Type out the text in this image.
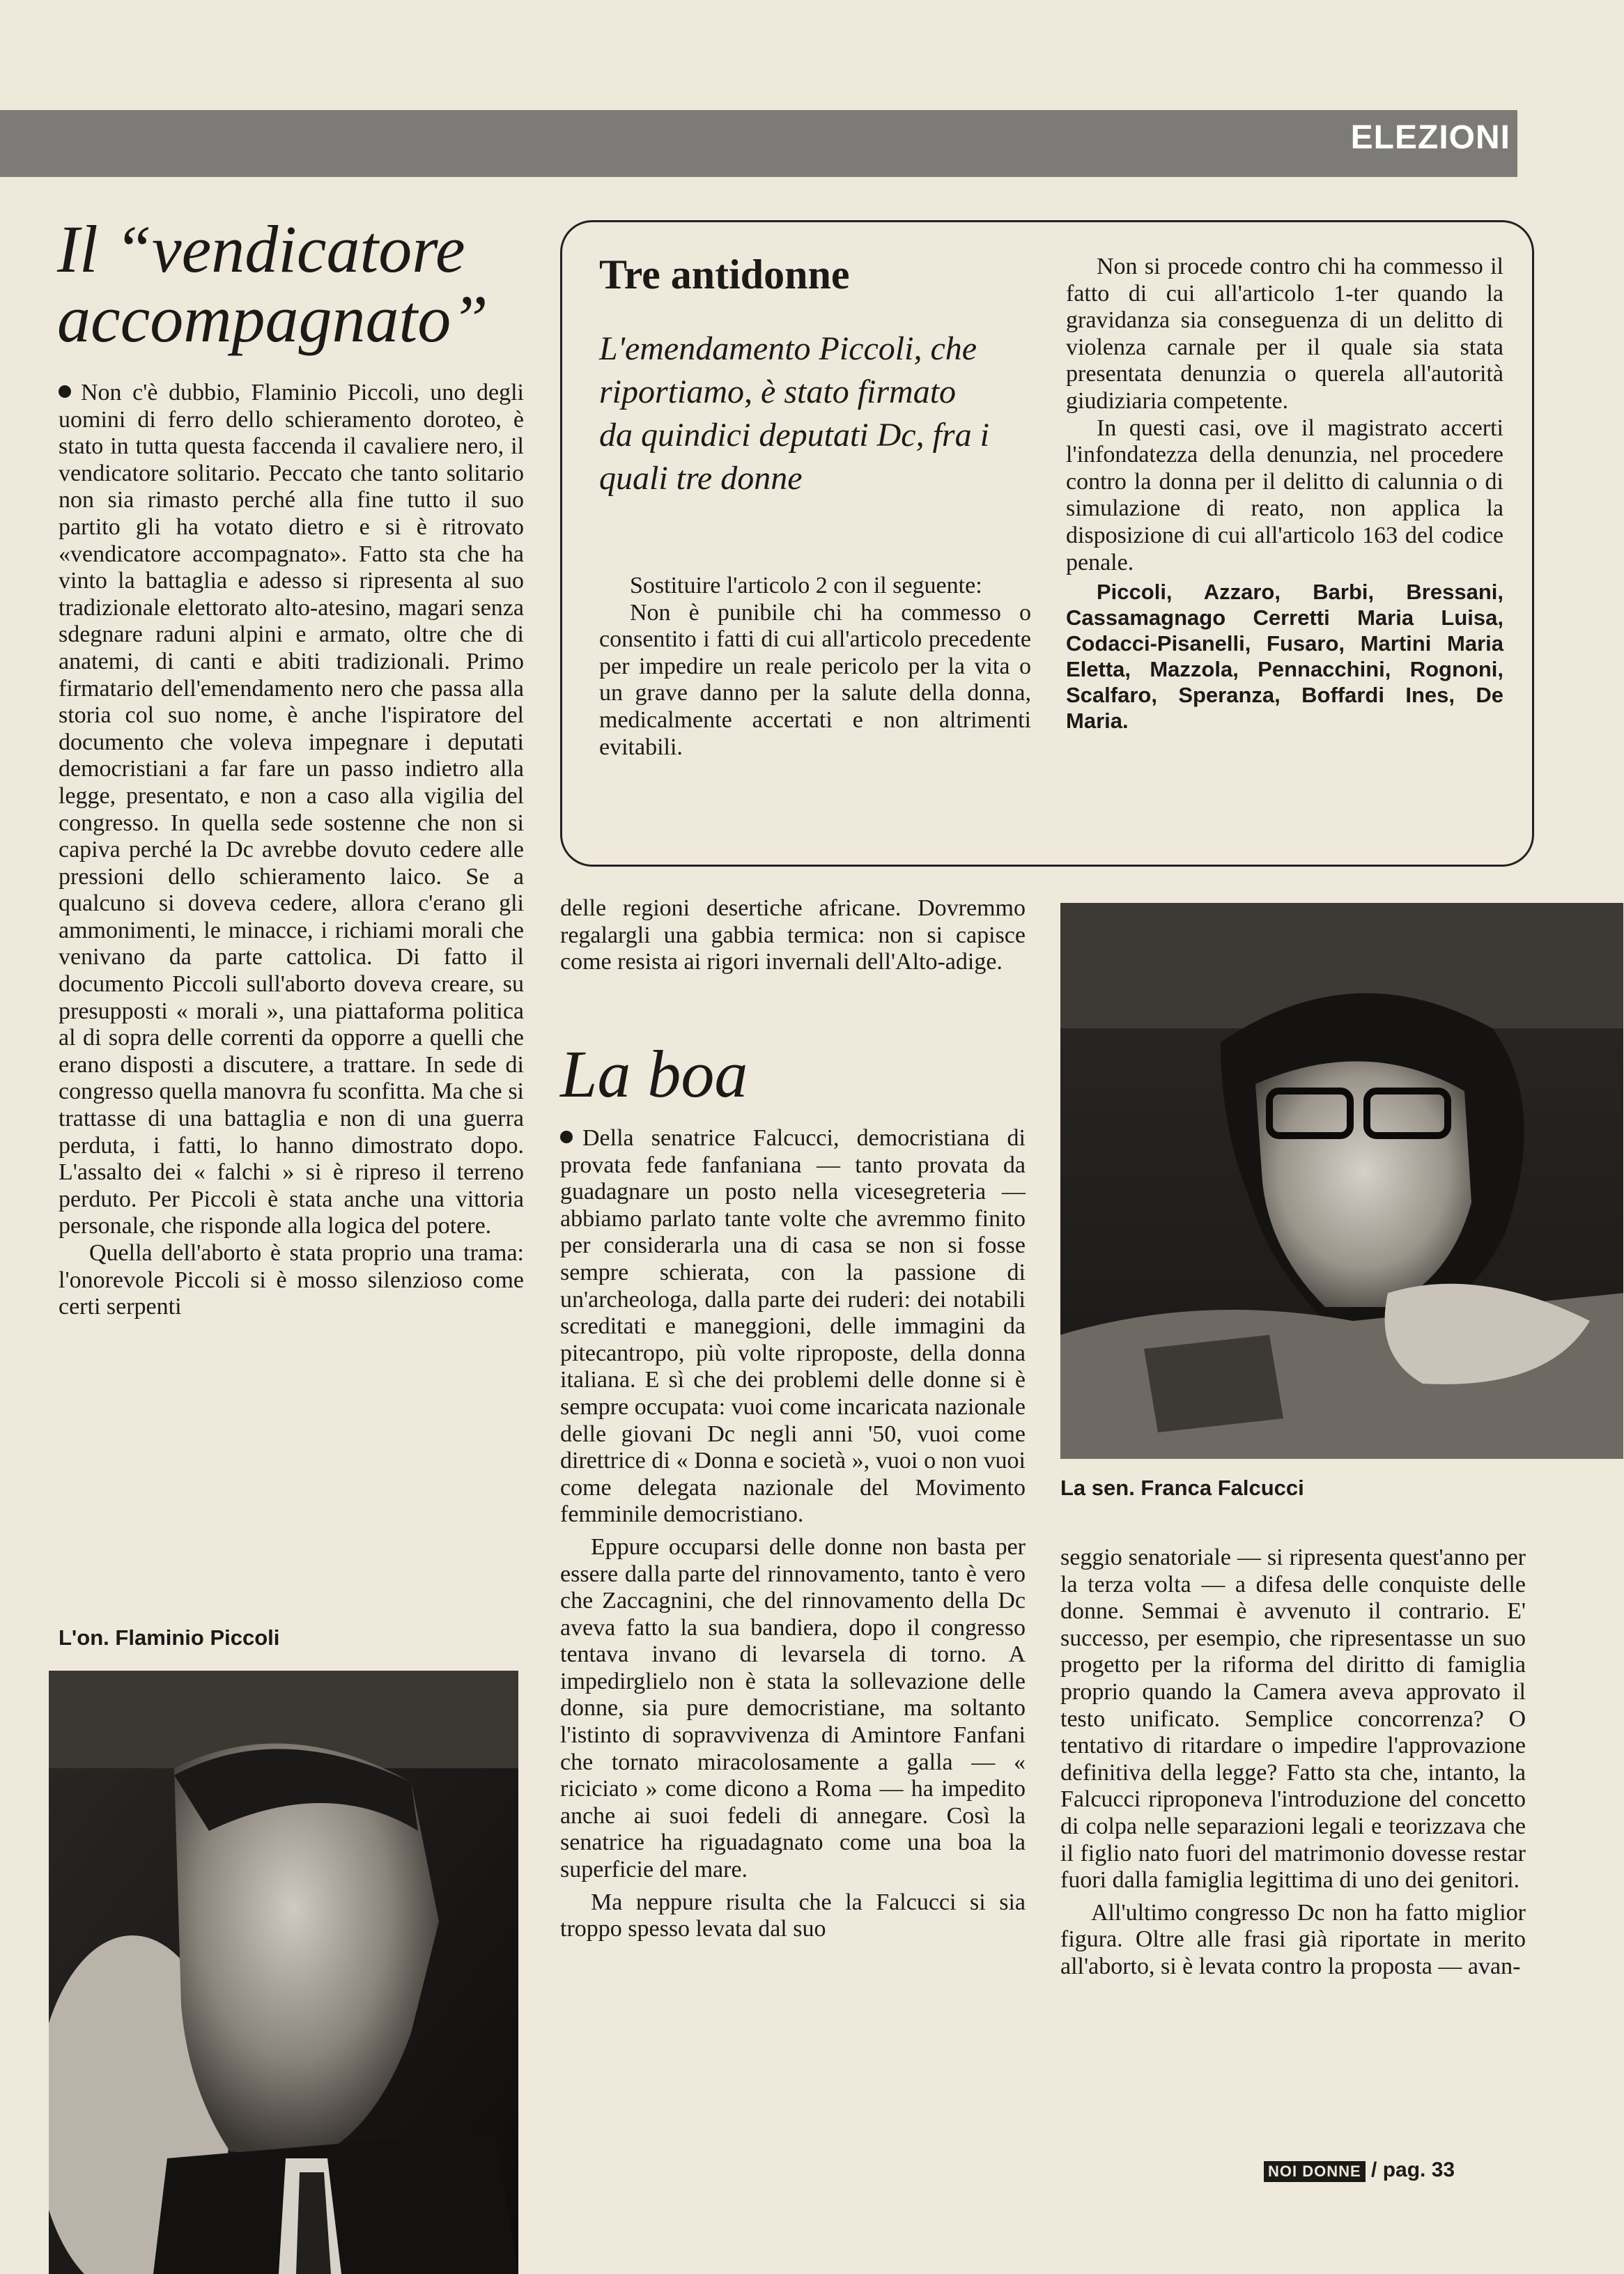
ELEZIONI
Il “vendicatore
accompagnato”

Non c'è dubbio, Flaminio Piccoli, uno degli uomini di ferro dello schieramento doroteo, è stato in tutta questa faccenda il cavaliere nero, il vendicatore solitario. Peccato che tanto solitario non sia rimasto perché alla fine tutto il suo partito gli ha votato dietro e si è ritrovato «vendicatore accompagnato». Fatto sta che ha vinto la battaglia e adesso si ripresenta al suo tradizionale elettorato alto-atesino, magari senza sdegnare raduni alpini e armato, oltre che di anatemi, di canti e abiti tradizionali. Primo firmatario dell'emendamento nero che passa alla storia col suo nome, è anche l'ispiratore del documento che voleva impegnare i deputati democristiani a far fare un passo indietro alla legge, presentato, e non a caso alla vigilia del congresso. In quella sede sostenne che non si capiva perché la Dc avrebbe dovuto cedere alle pressioni dello schieramento laico. Se a qualcuno si doveva cedere, allora c'erano gli ammonimenti, le minacce, i richiami morali che venivano da parte cattolica. Di fatto il documento Piccoli sull'aborto doveva creare, su presupposti « morali », una piattaforma politica al di sopra delle correnti da opporre a quelli che erano disposti a discutere, a trattare. In sede di congresso quella manovra fu sconfitta. Ma che si trattasse di una battaglia e non di una guerra perduta, i fatti, lo hanno dimostrato dopo. L'assalto dei « falchi » si è ripreso il terreno perduto. Per Piccoli è stata anche una vittoria personale, che risponde alla logica del potere.

Quella dell'aborto è stata proprio una trama: l'onorevole Piccoli si è mosso silenzioso come certi serpenti

L'on. Flaminio Piccoli
Tre antidonne
L'emendamento Piccoli, che riportiamo, è stato firmato da quindici deputati Dc, fra i quali tre donne

Sostituire l'articolo 2 con il seguente:

Non è punibile chi ha commesso o consentito i fatti di cui all'articolo precedente per impedire un reale pericolo per la vita o un grave danno per la salute della donna, medicalmente accertati e non altrimenti evitabili.

Non si procede contro chi ha commesso il fatto di cui all'articolo 1-ter quando la gravidanza sia conseguenza di un delitto di violenza carnale per il quale sia stata presentata denunzia o querela all'autorità giudiziaria competente.

In questi casi, ove il magistrato accerti l'infondatezza della denunzia, nel procedere contro la donna per il delitto di calunnia o di simulazione di reato, non applica la disposizione di cui all'articolo 163 del codice penale.

Piccoli, Azzaro, Barbi, Bressani, Cassamagnago Cerretti Maria Luisa, Codacci-Pisanelli, Fusaro, Martini Maria Eletta, Mazzola, Pennacchini, Rognoni, Scalfaro, Speranza, Boffardi Ines, De Maria.

delle regioni desertiche africane. Dovremmo regalargli una gabbia termica: non si capisce come resista ai rigori invernali dell'Alto-adige.
La boa

Della senatrice Falcucci, democristiana di provata fede fanfaniana — tanto provata da guadagnare un posto nella vicesegreteria — abbiamo parlato tante volte che avremmo finito per considerarla una di casa se non si fosse sempre schierata, con la passione di un'archeologa, dalla parte dei ruderi: dei notabili screditati e maneggioni, delle immagini da pitecantropo, più volte riproposte, della donna italiana. E sì che dei problemi delle donne si è sempre occupata: vuoi come incaricata nazionale delle giovani Dc negli anni '50, vuoi come direttrice di « Donna e società », vuoi o non vuoi come delegata nazionale del Movimento femminile democristiano.

Eppure occuparsi delle donne non basta per essere dalla parte del rinnovamento, tanto è vero che Zaccagnini, che del rinnovamento della Dc aveva fatto la sua bandiera, dopo il congresso tentava invano di levarsela di torno. A impedirglielo non è stata la sollevazione delle donne, sia pure democristiane, ma soltanto l'istinto di sopravvivenza di Amintore Fanfani che tornato miracolosamente a galla — « riciciato » come dicono a Roma — ha impedito anche ai suoi fedeli di annegare. Così la senatrice ha riguadagnato come una boa la superficie del mare.

Ma neppure risulta che la Falcucci si sia troppo spesso levata dal suo

La sen. Franca Falcucci

seggio senatoriale — si ripresenta quest'anno per la terza volta — a difesa delle conquiste delle donne. Semmai è avvenuto il contrario. E' successo, per esempio, che ripresentasse un suo progetto per la riforma del diritto di famiglia proprio quando la Camera aveva approvato il testo unificato. Semplice concorrenza? O tentativo di ritardare o impedire l'approvazione definitiva della legge? Fatto sta che, intanto, la Falcucci riproponeva l'introduzione del concetto di colpa nelle separazioni legali e teorizzava che il figlio nato fuori del matrimonio dovesse restar fuori dalla famiglia legittima di uno dei genitori.

All'ultimo congresso Dc non ha fatto miglior figura. Oltre alle frasi già riportate in merito all'aborto, si è levata contro la proposta — avan-

NOI DONNE / pag. 33
